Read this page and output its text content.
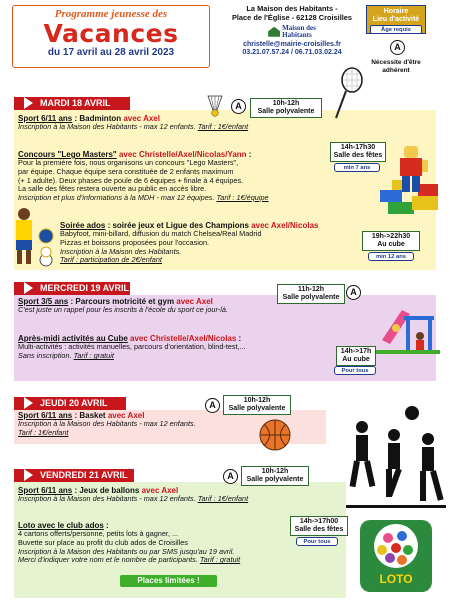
Programme jeunesse des
Vacances
du 17 avril au 28 avril 2023
La Maison des Habitants -
Place de l'Église - 62128 Croisilles
Maison des
Habitants
christelle@mairie-croisilles.fr
03.21.07.57.24 / 06.71.03.02.24
Horaire
Lieu d'activité
Âge requis
A
Nécessite d'être adhérent
MARDI 18 AVRIL	A	10h-12h
Salle polyvalente
Sport 6/11 ans : Badminton avec Axel
Inscription à la Maison des Habitants - max 12 enfants. Tarif : 1€/enfant
14h-17h30
Salle des fêtes
min 7 ans
Concours "Lego Masters" avec Christelle/Axel/Nicolas/Yann :
Pour la première fois, nous organisons un concours "Lego Masters",
par équipe. Chaque équipe sera constituée de 2 enfants maximum
(+ 1 adulte). Deux phases de poule de 6 équipes + finale à 4 équipes.
La salle des fêtes restera ouverte au public en accès libre.
Inscription et plus d'informations à la MDH - max 12 équipes. Tarif : 1€/équipe
19h->22h30
Au cube
min 12 ans
Soirée ados : soirée jeux et Ligue des Champions avec Axel/Nicolas
Babyfoot, mini-billard, diffusion du match Chelsea/Real Madrid
Pizzas et boissons proposées pour l'occasion.
Inscription à la Maison des Habitants.
Tarif : participation de 2€/enfant
MERCREDI 19 AVRIL	11h-12h
Salle polyvalente
A
Sport 3/5 ans : Parcours motricité et gym avec Axel
C'est juste un rappel pour les inscrits à l'école du sport ce jour-là.
14h->17h
Au cube
Pour tous
Après-midi activités au Cube avec Christelle/Axel/Nicolas :
Multi-activités : activités manuelles, parcours d'orientation, blind-test,...
Sans inscription. Tarif : gratuit
JEUDI 20 AVRIL	A	10h-12h
Salle polyvalente
Sport 6/11 ans : Basket avec Axel
Inscription à la Maison des Habitants - max 12 enfants.
Tarif : 1€/enfant
VENDREDI 21 AVRIL	A	10h-12h
Salle polyvalente
Sport 6/11 ans : Jeux de ballons avec Axel
Inscription à la Maison des Habitants - max 12 enfants. Tarif : 1€/enfant
14h->17h00
Salle des fêtes
Pour tous
Loto avec le club ados :
4 cartons offerts/personne, petits lots à gagner, ...
Buvette sur place au profit du club ados de Croisilles
Inscription à la Maison des Habitants ou par SMS jusqu'au 19 avril.
Merci d'indiquer votre nom et le nombre de participants. Tarif : gratuit
LOTO
Places limitées !
